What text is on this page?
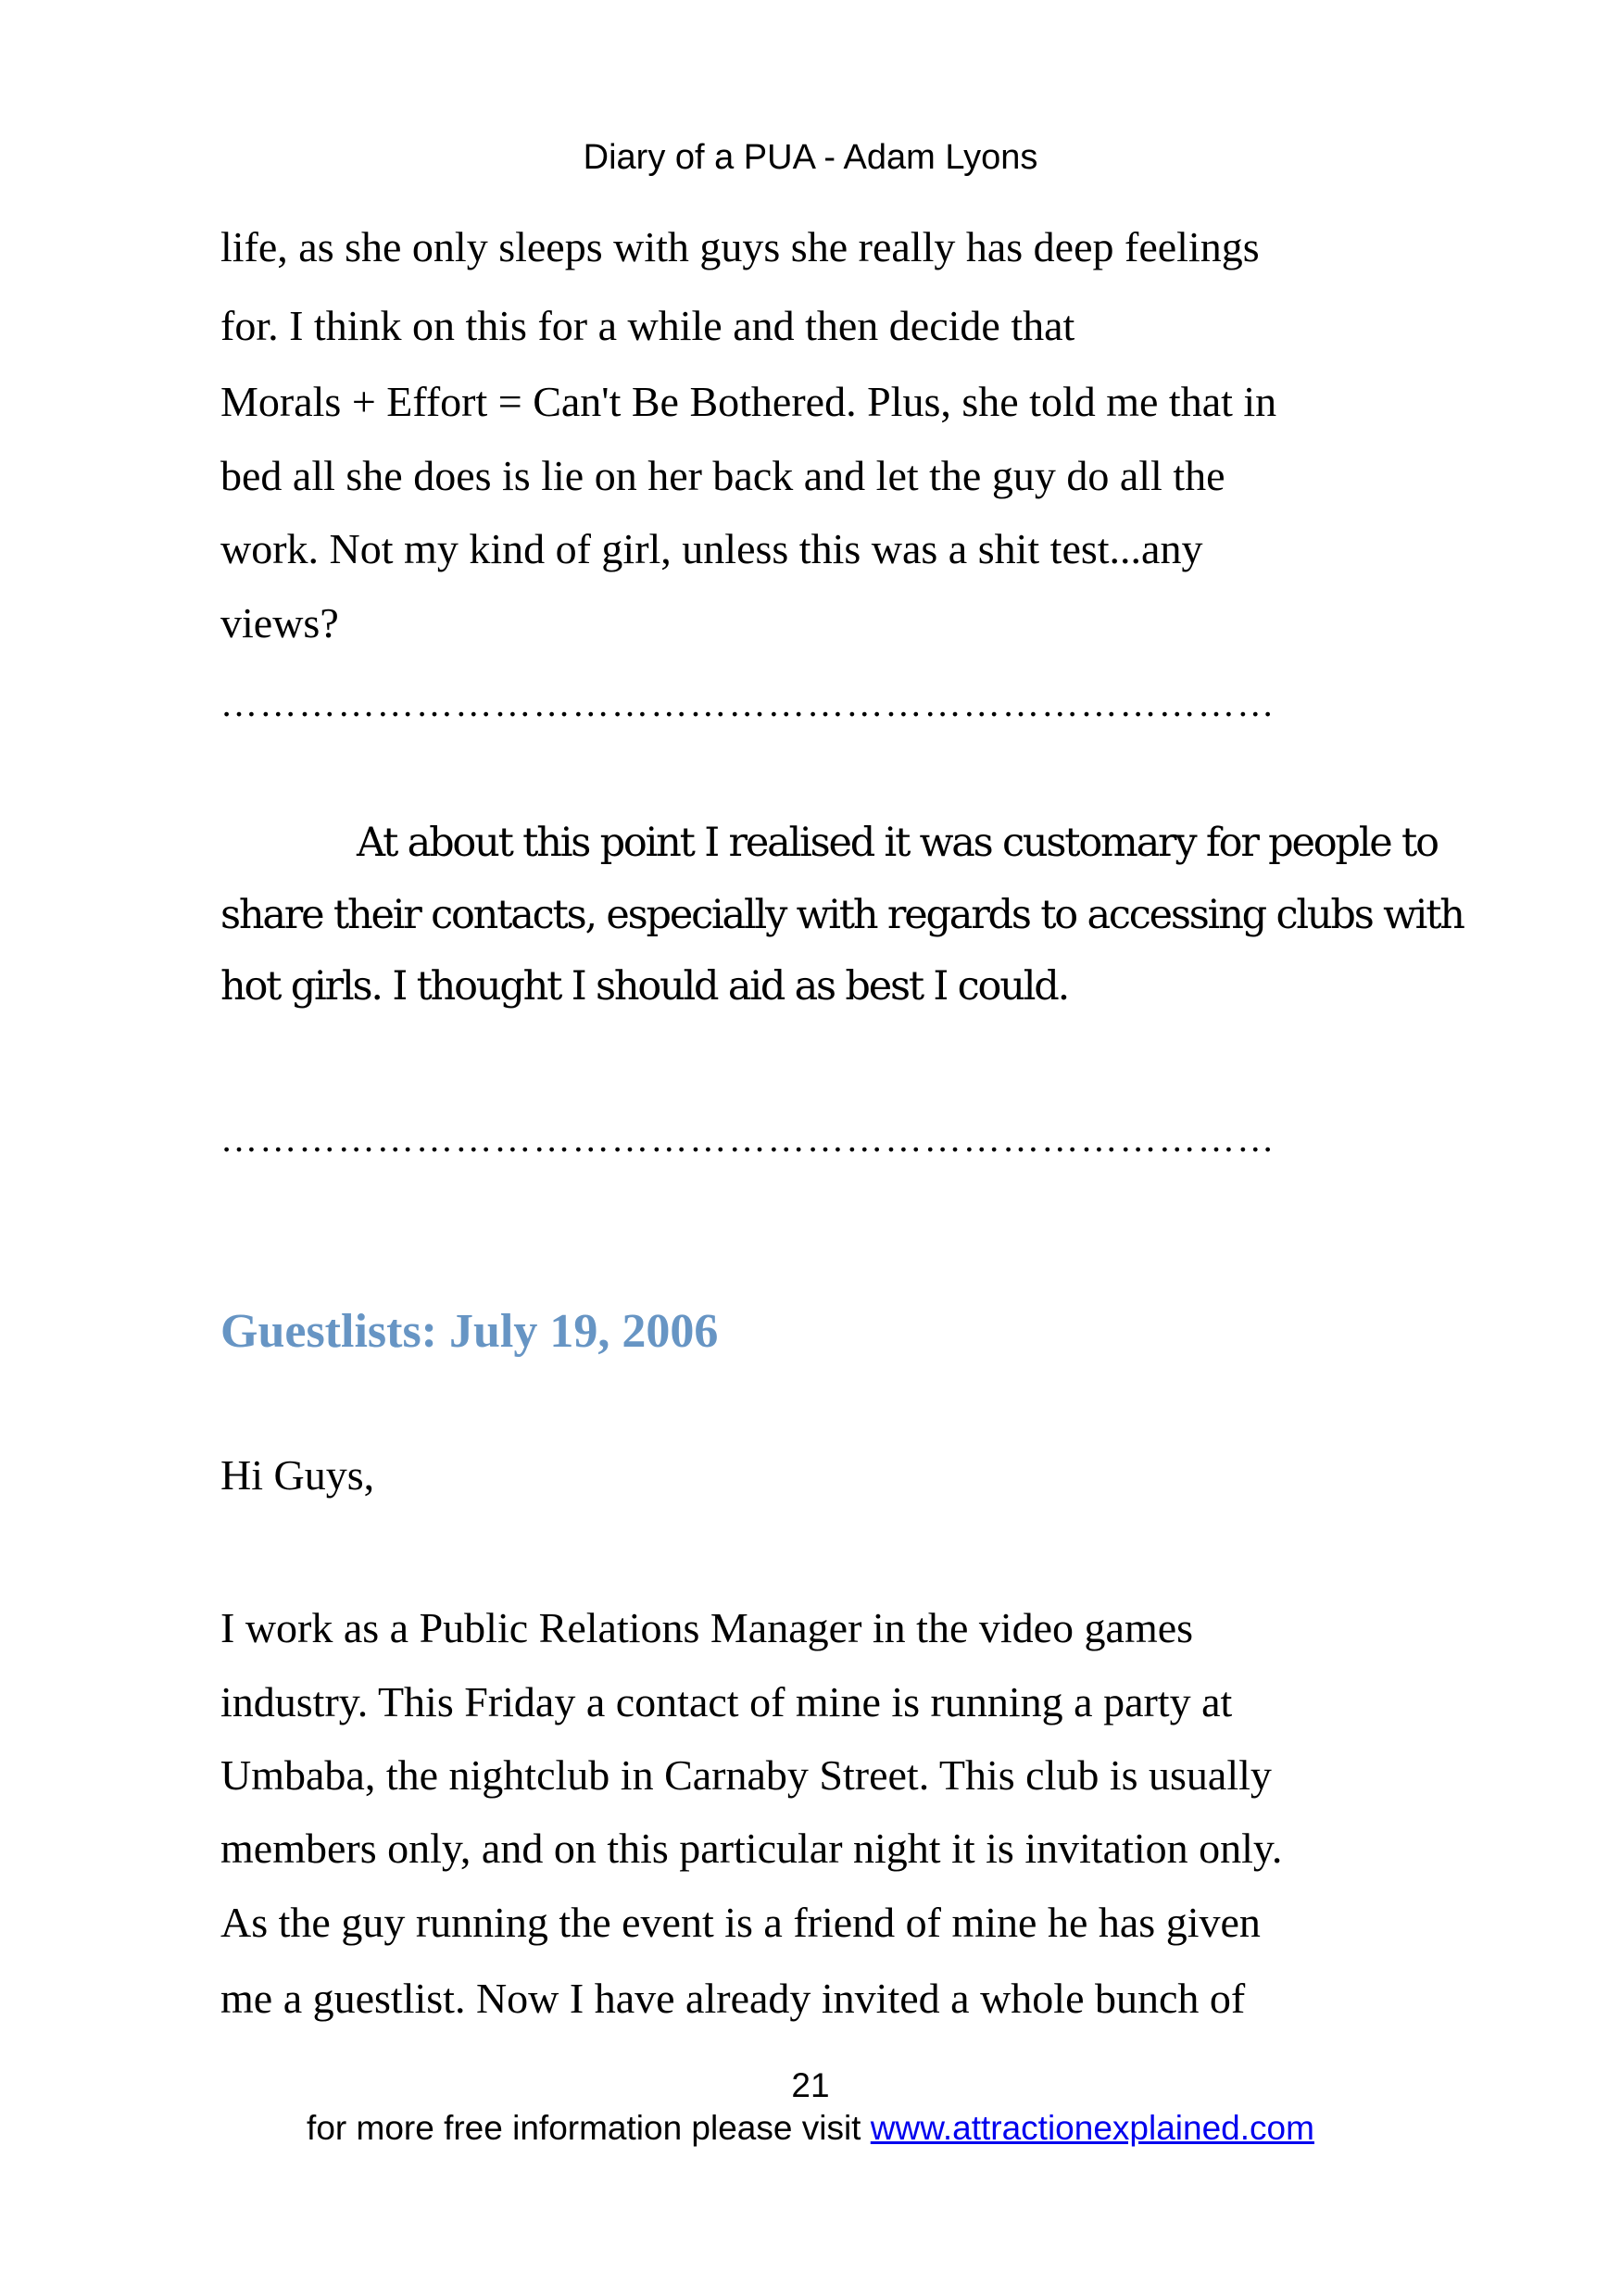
Diary of a PUA - Adam Lyons
life, as she only sleeps with guys she really has deep feelings
for. I think on this for a while and then decide that
Morals + Effort = Can't Be Bothered. Plus, she told me that in
bed all she does is lie on her back and let the guy do all the
work. Not my kind of girl, unless this was a shit test...any
views?
………………………………………………………………………
At about this point I realised it was customary for people to
share their contacts, especially with regards to accessing clubs with
hot girls. I thought I should aid as best I could.
………………………………………………………………………
Guestlists: July 19, 2006
Hi Guys,
I work as a Public Relations Manager in the video games
industry. This Friday a contact of mine is running a party at
Umbaba, the nightclub in Carnaby Street. This club is usually
members only, and on this particular night it is invitation only.
As the guy running the event is a friend of mine he has given
me a guestlist. Now I have already invited a whole bunch of
21
for more free information please visit www.attractionexplained.com
